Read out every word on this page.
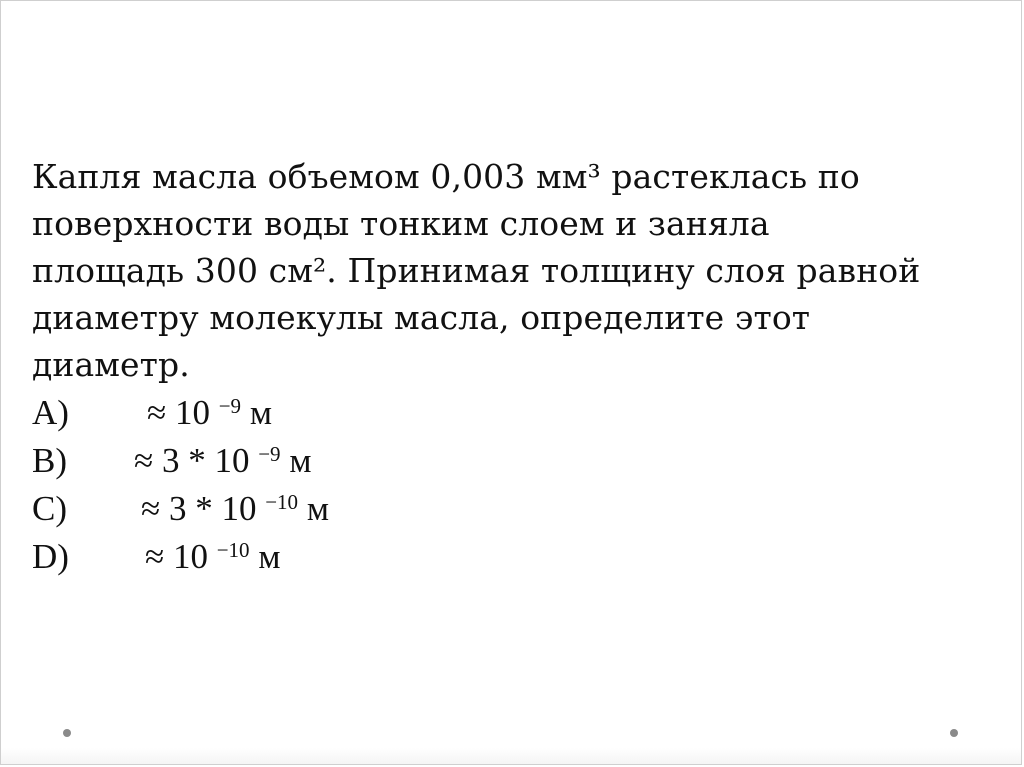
Капля масла объемом 0,003 мм³ растеклась по
поверхности воды тонким слоем и заняла
площадь 300 см². Принимая толщину слоя равной
диаметру молекулы масла, определите этот
диаметр.
A) ≈ 10 $^{-9}$ м
B) ≈ 3 * 10 $^{-9}$ м
C) ≈ 3 * 10 $^{-10}$ м
D) ≈ 10 $^{-10}$ м
